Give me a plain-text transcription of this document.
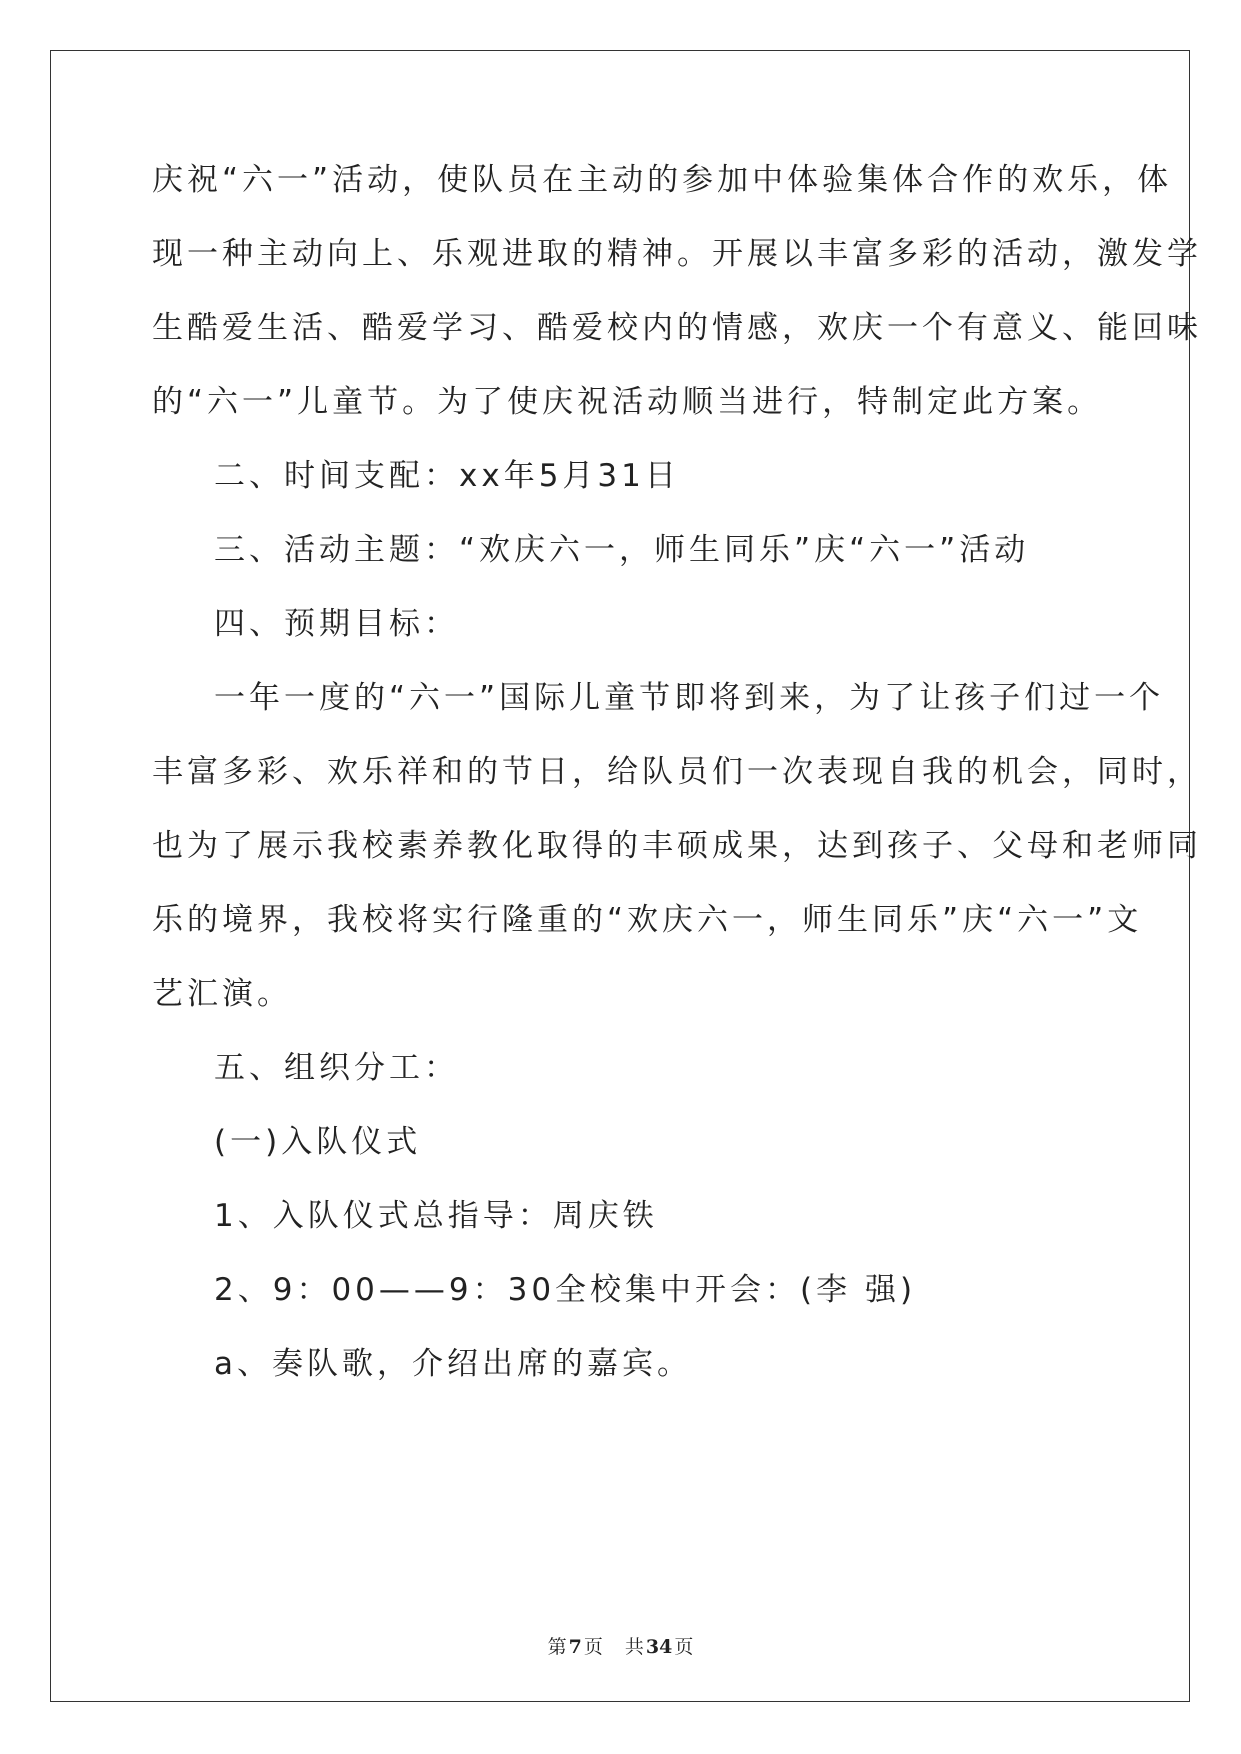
庆祝“六一”活动，使队员在主动的参加中体验集体合作的欢乐，体
现一种主动向上、乐观进取的精神。开展以丰富多彩的活动，激发学
生酷爱生活、酷爱学习、酷爱校内的情感，欢庆一个有意义、能回味
的“六一”儿童节。为了使庆祝活动顺当进行，特制定此方案。
二、时间支配：xx年5月31日
三、活动主题：“欢庆六一，师生同乐”庆“六一”活动
四、预期目标：
一年一度的“六一”国际儿童节即将到来，为了让孩子们过一个
丰富多彩、欢乐祥和的节日，给队员们一次表现自我的机会，同时，
也为了展示我校素养教化取得的丰硕成果，达到孩子、父母和老师同
乐的境界，我校将实行隆重的“欢庆六一，师生同乐”庆“六一”文
艺汇演。
五、组织分工：
(一)入队仪式
1、入队仪式总指导：周庆铁
2、9：00——9：30全校集中开会：(李 强)
a、奏队歌，介绍出席的嘉宾。
第 7 页 共 34 页
